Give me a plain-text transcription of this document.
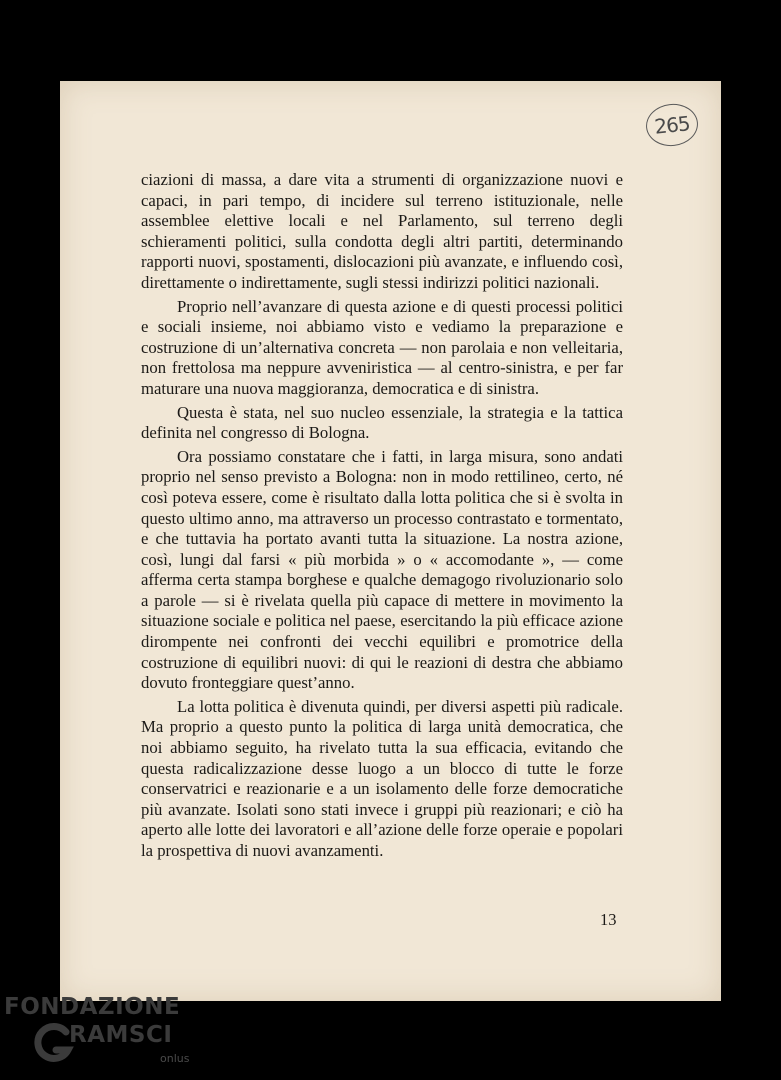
265

ciazioni di massa, a dare vita a strumenti di organizzazione nuovi e capaci, in pari tempo, di incidere sul terreno istituzionale, nelle assemblee elettive locali e nel Parlamento, sul terreno degli schieramenti politici, sulla condotta degli altri partiti, determinando rapporti nuovi, spostamenti, dislocazioni più avanzate, e influendo così, direttamente o indirettamente, sugli stessi indirizzi politici nazionali.

Proprio nell’avanzare di questa azione e di questi processi politici e sociali insieme, noi abbiamo visto e vediamo la preparazione e costruzione di un’alternativa concreta — non parolaia e non velleitaria, non frettolosa ma neppure avveniristica — al centro-sinistra, e per far maturare una nuova maggioranza, democratica e di sinistra.

Questa è stata, nel suo nucleo essenziale, la strategia e la tattica definita nel congresso di Bologna.

Ora possiamo constatare che i fatti, in larga misura, sono andati proprio nel senso previsto a Bologna: non in modo rettilineo, certo, né così poteva essere, come è risultato dalla lotta politica che si è svolta in questo ultimo anno, ma attraverso un processo contrastato e tormentato, e che tuttavia ha portato avanti tutta la situazione. La nostra azione, così, lungi dal farsi « più morbida » o « accomodante », — come afferma certa stampa borghese e qualche demagogo rivoluzionario solo a parole — si è rivelata quella più capace di mettere in movimento la situazione sociale e politica nel paese, esercitando la più efficace azione dirompente nei confronti dei vecchi equilibri e promotrice della costruzione di equilibri nuovi: di qui le reazioni di destra che abbiamo dovuto fronteggiare quest’anno.

La lotta politica è divenuta quindi, per diversi aspetti più radicale. Ma proprio a questo punto la politica di larga unità democratica, che noi abbiamo seguito, ha rivelato tutta la sua efficacia, evitando che questa radicalizzazione desse luogo a un blocco di tutte le forze conservatrici e reazionarie e a un isolamento delle forze democratiche più avanzate. Isolati sono stati invece i gruppi più reazionari; e ciò ha aperto alle lotte dei lavoratori e all’azione delle forze operaie e popolari la prospettiva di nuovi avanzamenti.

13
FONDAZIONE
RAMSCI
onlus
